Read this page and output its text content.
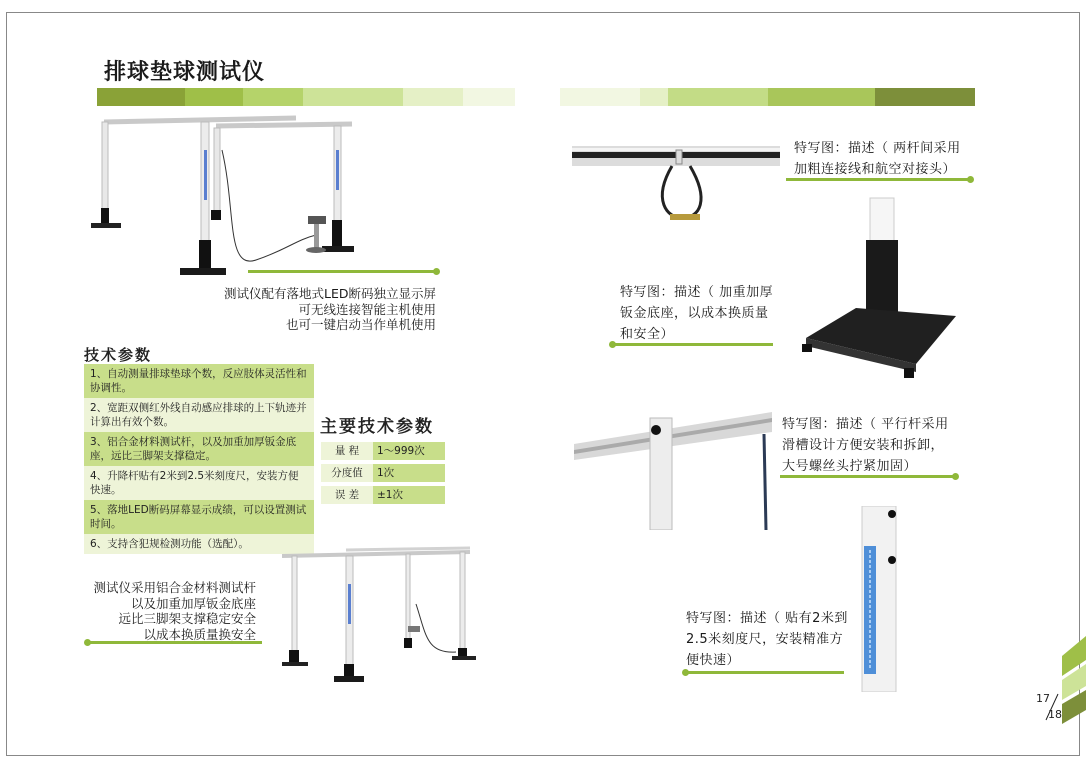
排球垫球测试仪
测试仪配有落地式LED断码独立显示屏
可无线连接智能主机使用
也可一键启动当作单机使用
技术参数
1、自动测量排球垫球个数，反应肢体灵活性和协调性。
2、宽距双侧红外线自动感应排球的上下轨迹并计算出有效个数。
3、铝合金材料测试杆，以及加重加厚钣金底座，远比三脚架支撑稳定。
4、升降杆贴有2米到2.5米刻度尺，安装方便快速。
5、落地LED断码屏幕显示成绩，可以设置测试时间。
6、支持含犯规检测功能（选配）。
主要技术参数
量 程	1～999次
分度值	1次
误 差	±1次
测试仪采用铝合金材料测试杆
以及加重加厚钣金底座
远比三脚架支撑稳定安全
以成本换质量换安全
特写图：描述（ 两杆间采用
加粗连接线和航空对接头）
特写图：描述（ 加重加厚
钣金底座，以成本换质量
和安全）
特写图：描述（ 平行杆采用
滑槽设计方便安装和拆卸，
大号螺丝头拧紧加固）
特写图：描述（ 贴有2米到
2.5米刻度尺，安装精准方
便快速）
17
18
